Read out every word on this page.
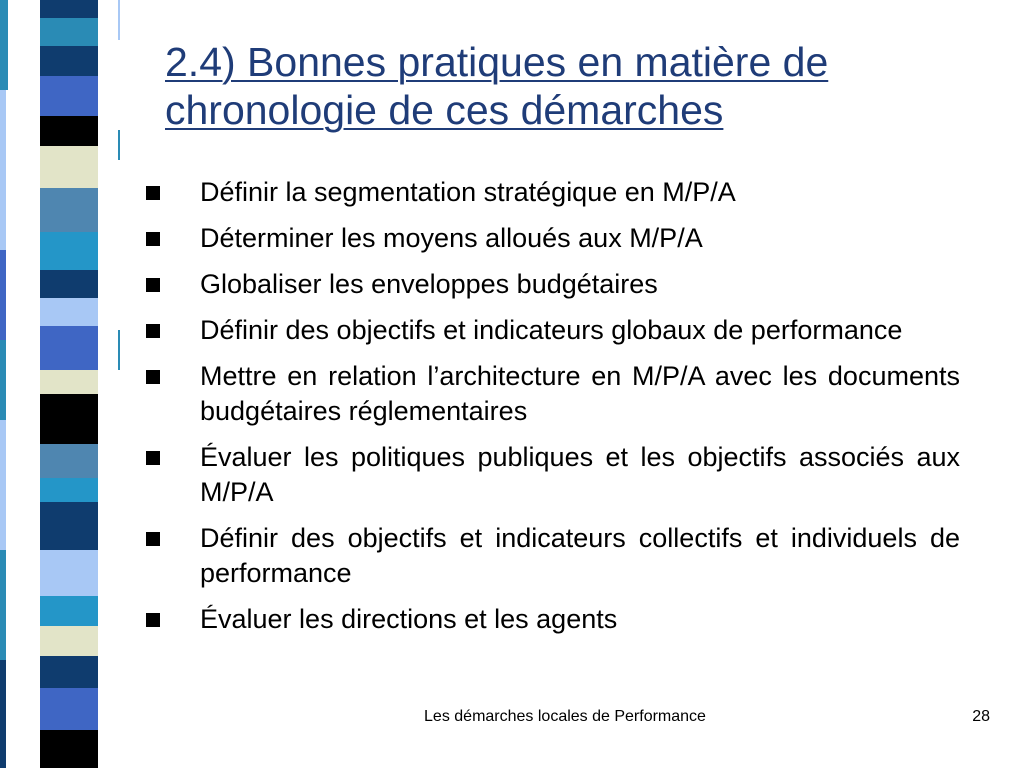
2.4) Bonnes pratiques en matière de chronologie de ces démarches
Définir la segmentation stratégique en M/P/A
Déterminer les moyens alloués aux M/P/A
Globaliser les enveloppes budgétaires
Définir des objectifs et indicateurs globaux de performance
Mettre en relation l’architecture en M/P/A avec les documents budgétaires réglementaires
Évaluer les politiques publiques et les objectifs associés aux M/P/A
Définir des objectifs et indicateurs collectifs et individuels de performance
Évaluer les directions et les agents
Les démarches locales de Performance	28
